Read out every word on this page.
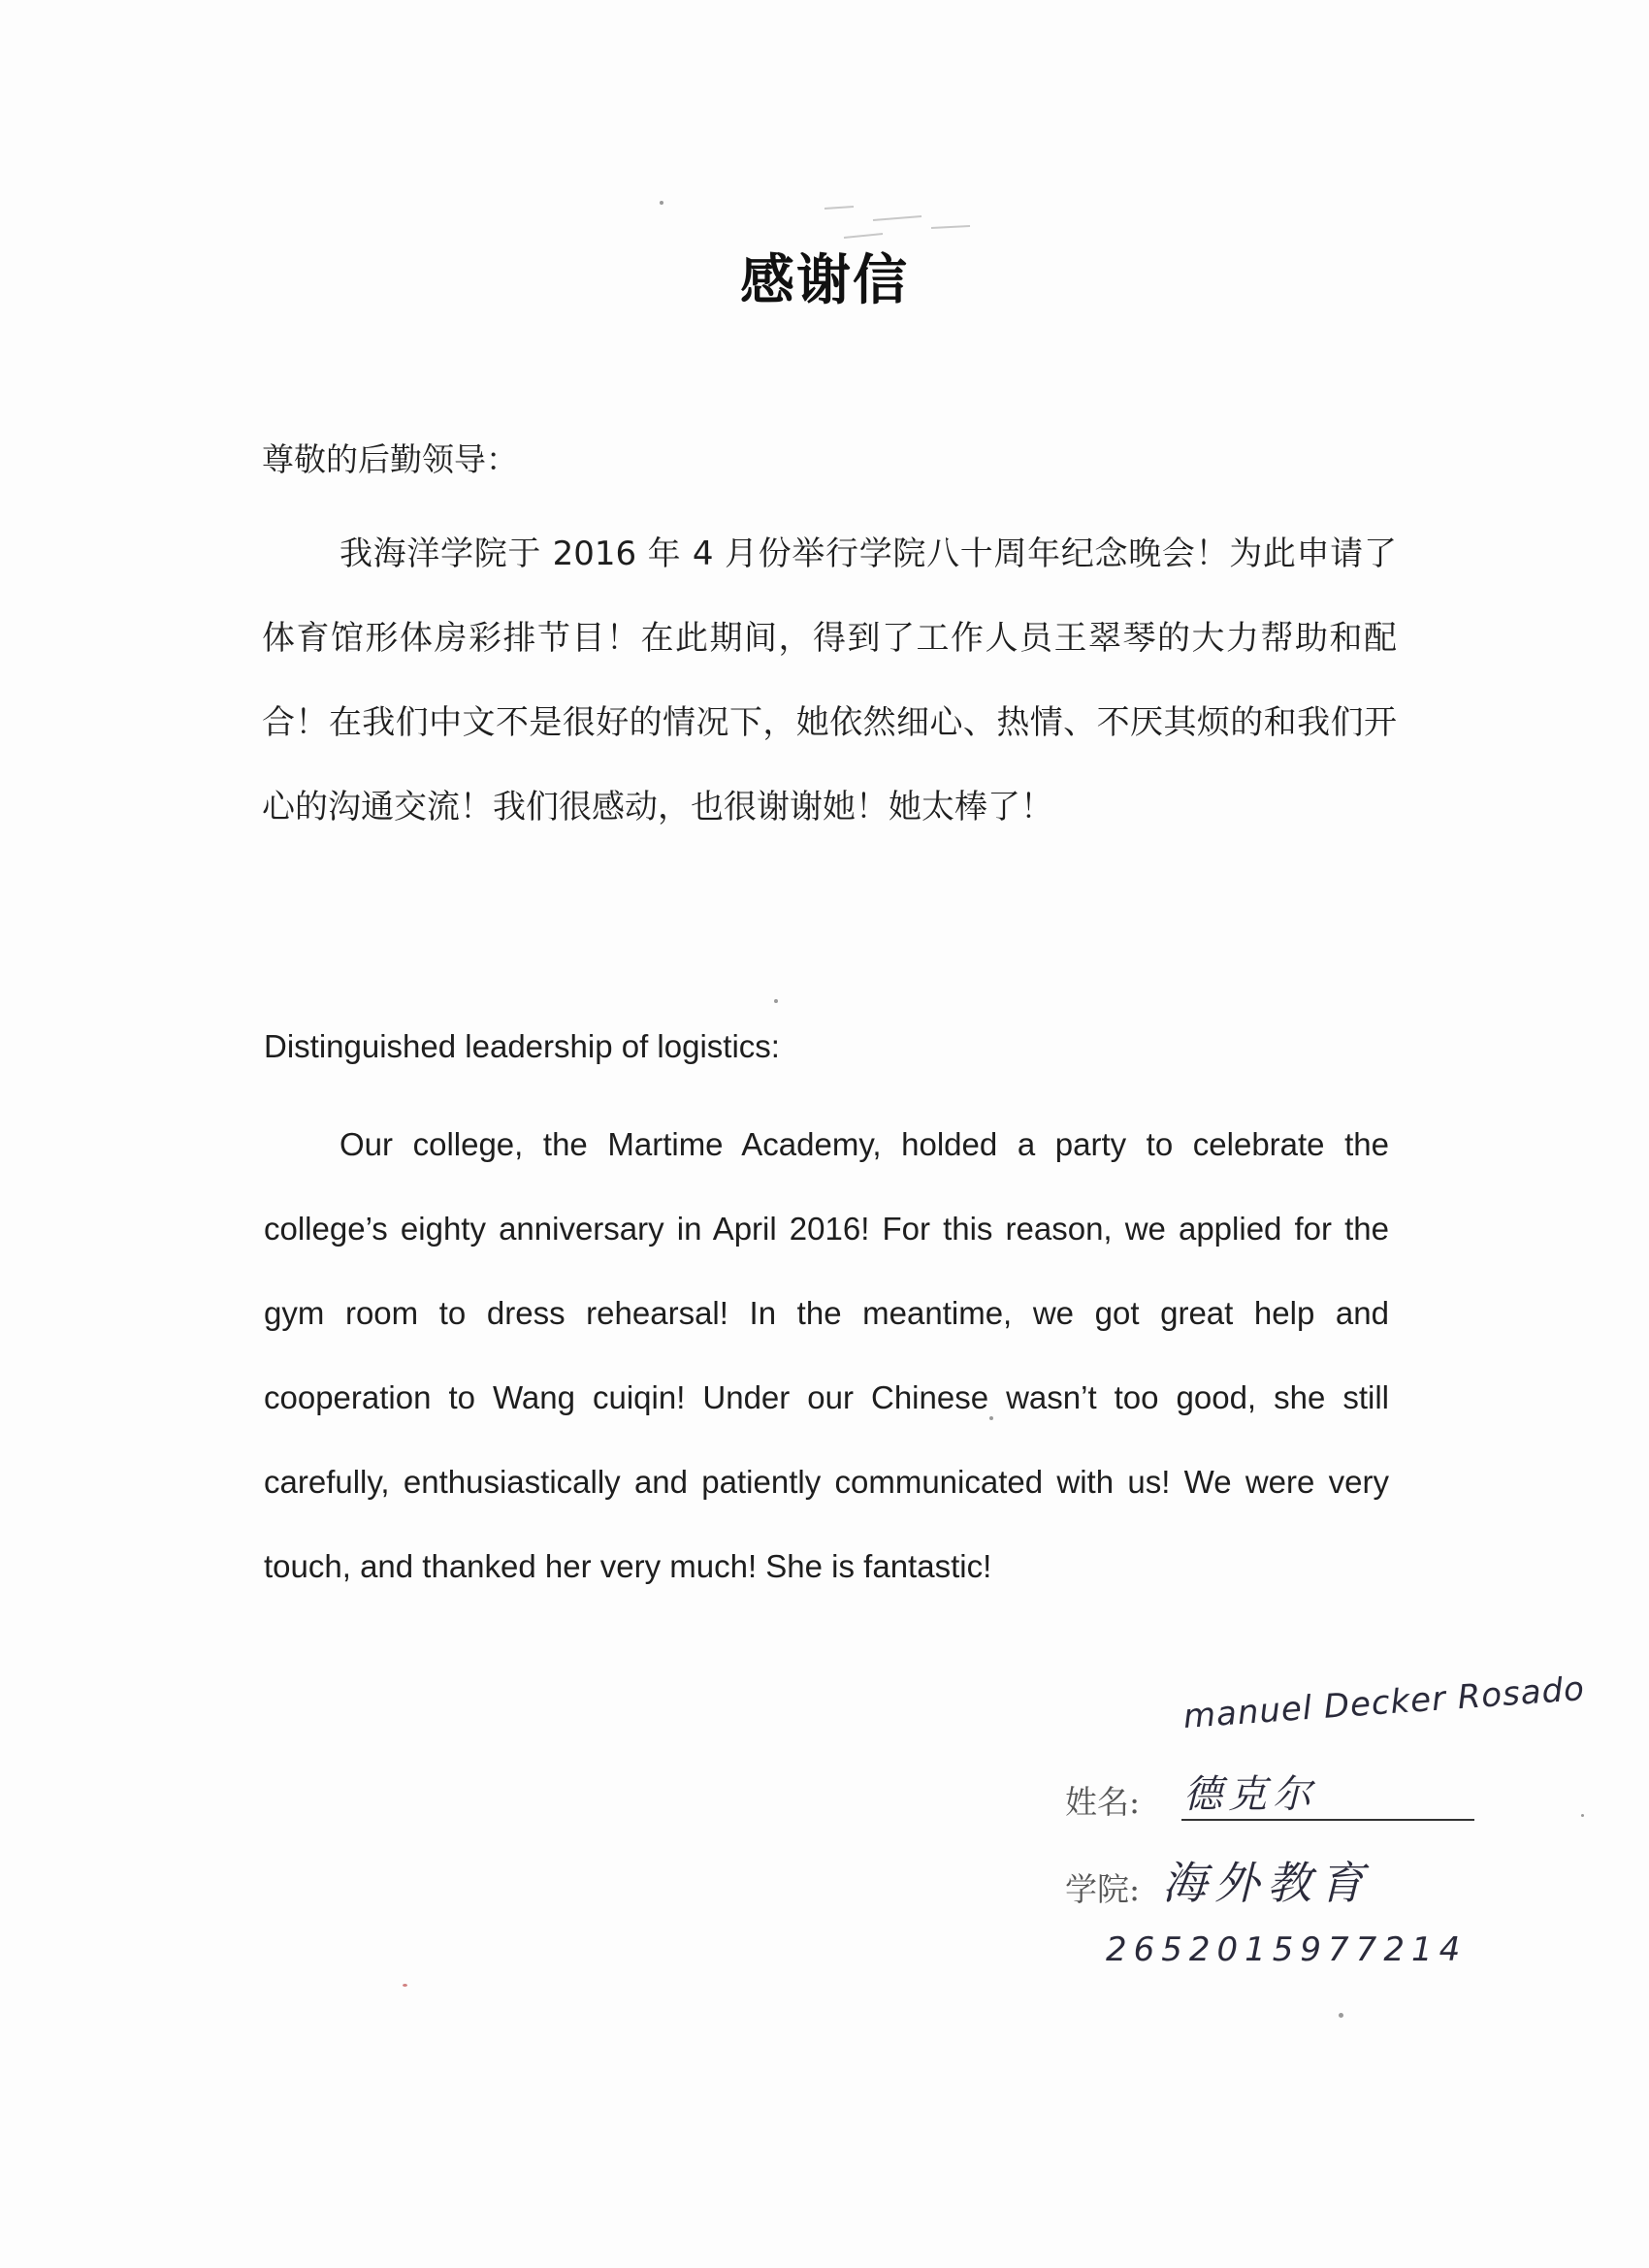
感谢信
尊敬的后勤领导：
我海洋学院于 2016 年 4 月份举行学院八十周年纪念晚会！为此申请了体育馆形体房彩排节目！在此期间，得到了工作人员王翠琴的大力帮助和配合！在我们中文不是很好的情况下，她依然细心、热情、不厌其烦的和我们开心的沟通交流！我们很感动，也很谢谢她！她太棒了！
Distinguished leadership of logistics:
Our college, the Martime Academy, holded a party to celebrate the college’s eighty anniversary in April 2016! For this reason, we applied for the gym room to dress rehearsal! In the meantime, we got great help and cooperation to Wang cuiqin! Under our Chinese wasn’t too good, she still carefully, enthusiastically and patiently communicated with us! We were very touch, and thanked her very much! She is fantastic!
manuel Decker Rosado
姓名: 德克尔
学院: 海外教育
2652015977214
